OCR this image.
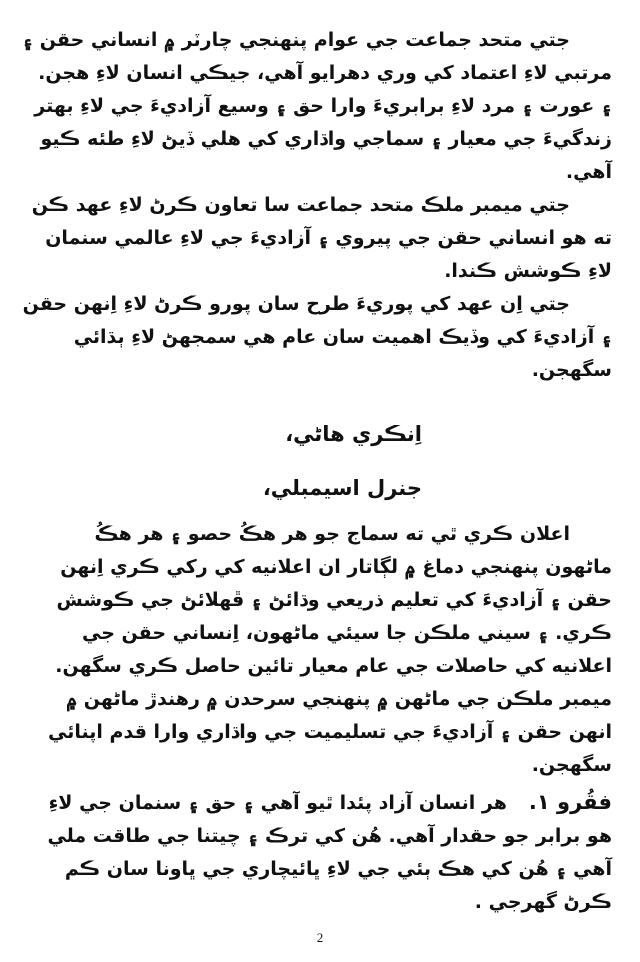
جتي متحد جماعت جي عوام پنهنجي چارٽر ۾ انساني حقن ۽ مرتبي لاءِ اعتماد کي وري دهرايو آهي، جيڪي انسان لاءِ هجن. ۽ عورت ۽ مرد لاءِ برابريءَ وارا حق ۽ وسيع آزاديءَ جي لاءِ بهتر زندگيءَ جي معيار ۽ سماجي واڌاري کي هلي ڏيڻ لاءِ طئه ڪيو آهي.

جتي ميمبر ملڪ متحد جماعت سا تعاون ڪرڻ لاءِ عهد ڪن ته هو انساني حقن جي پيروي ۽ آزاديءَ جي لاءِ عالمي سنمان لاءِ ڪوشش ڪندا.

جتي اِن عهد کي پوريءَ طرح سان پورو ڪرڻ لاءِ اِنهن حقن ۽ آزاديءَ کي وڏيڪ اهميت سان عام هي سمجهڻ لاءِ ٻڌائي سگهجن.

اِنڪري هاڻي،

جنرل اسيمبلي،

اعلان ڪري ٿي ته سماج جو هر هڪُ حصو ۽ هر هڪُ ماڻهون پنهنجي دماغ ۾ لڳاتار ان اعلانيه کي رکي ڪري اِنهن حقن ۽ آزاديءَ کي تعليم ذريعي وڌائڻ ۽ ڦهلائڻ جي ڪوشش ڪري. ۽ سيني ملڪن جا سيئي ماڻهون، اِنساني حقن جي اعلانيه کي حاصلات جي عام معيار تائين حاصل ڪري سگهن. ميمبر ملڪن جي ماڻهن ۾ پنهنجي سرحدن ۾ رهندڙ ماڻهن ۾ انهن حقن ۽ آزاديءَ جي تسليميت جي واڌاري وارا قدم اپنائي سگهجن.

فقُرو ١.هر انسان آزاد پئدا ٿيو آهي ۽ حق ۽ سنمان جي لاءِ هو برابر جو حقدار آهي. هُن کي ترڪ ۽ چيتنا جي طاقت ملي آهي ۽ هُن کي هڪ ٻئي جي لاءِ ڀائيچاري جي ڀاونا سان ڪم ڪرڻ گهرجي .

2
